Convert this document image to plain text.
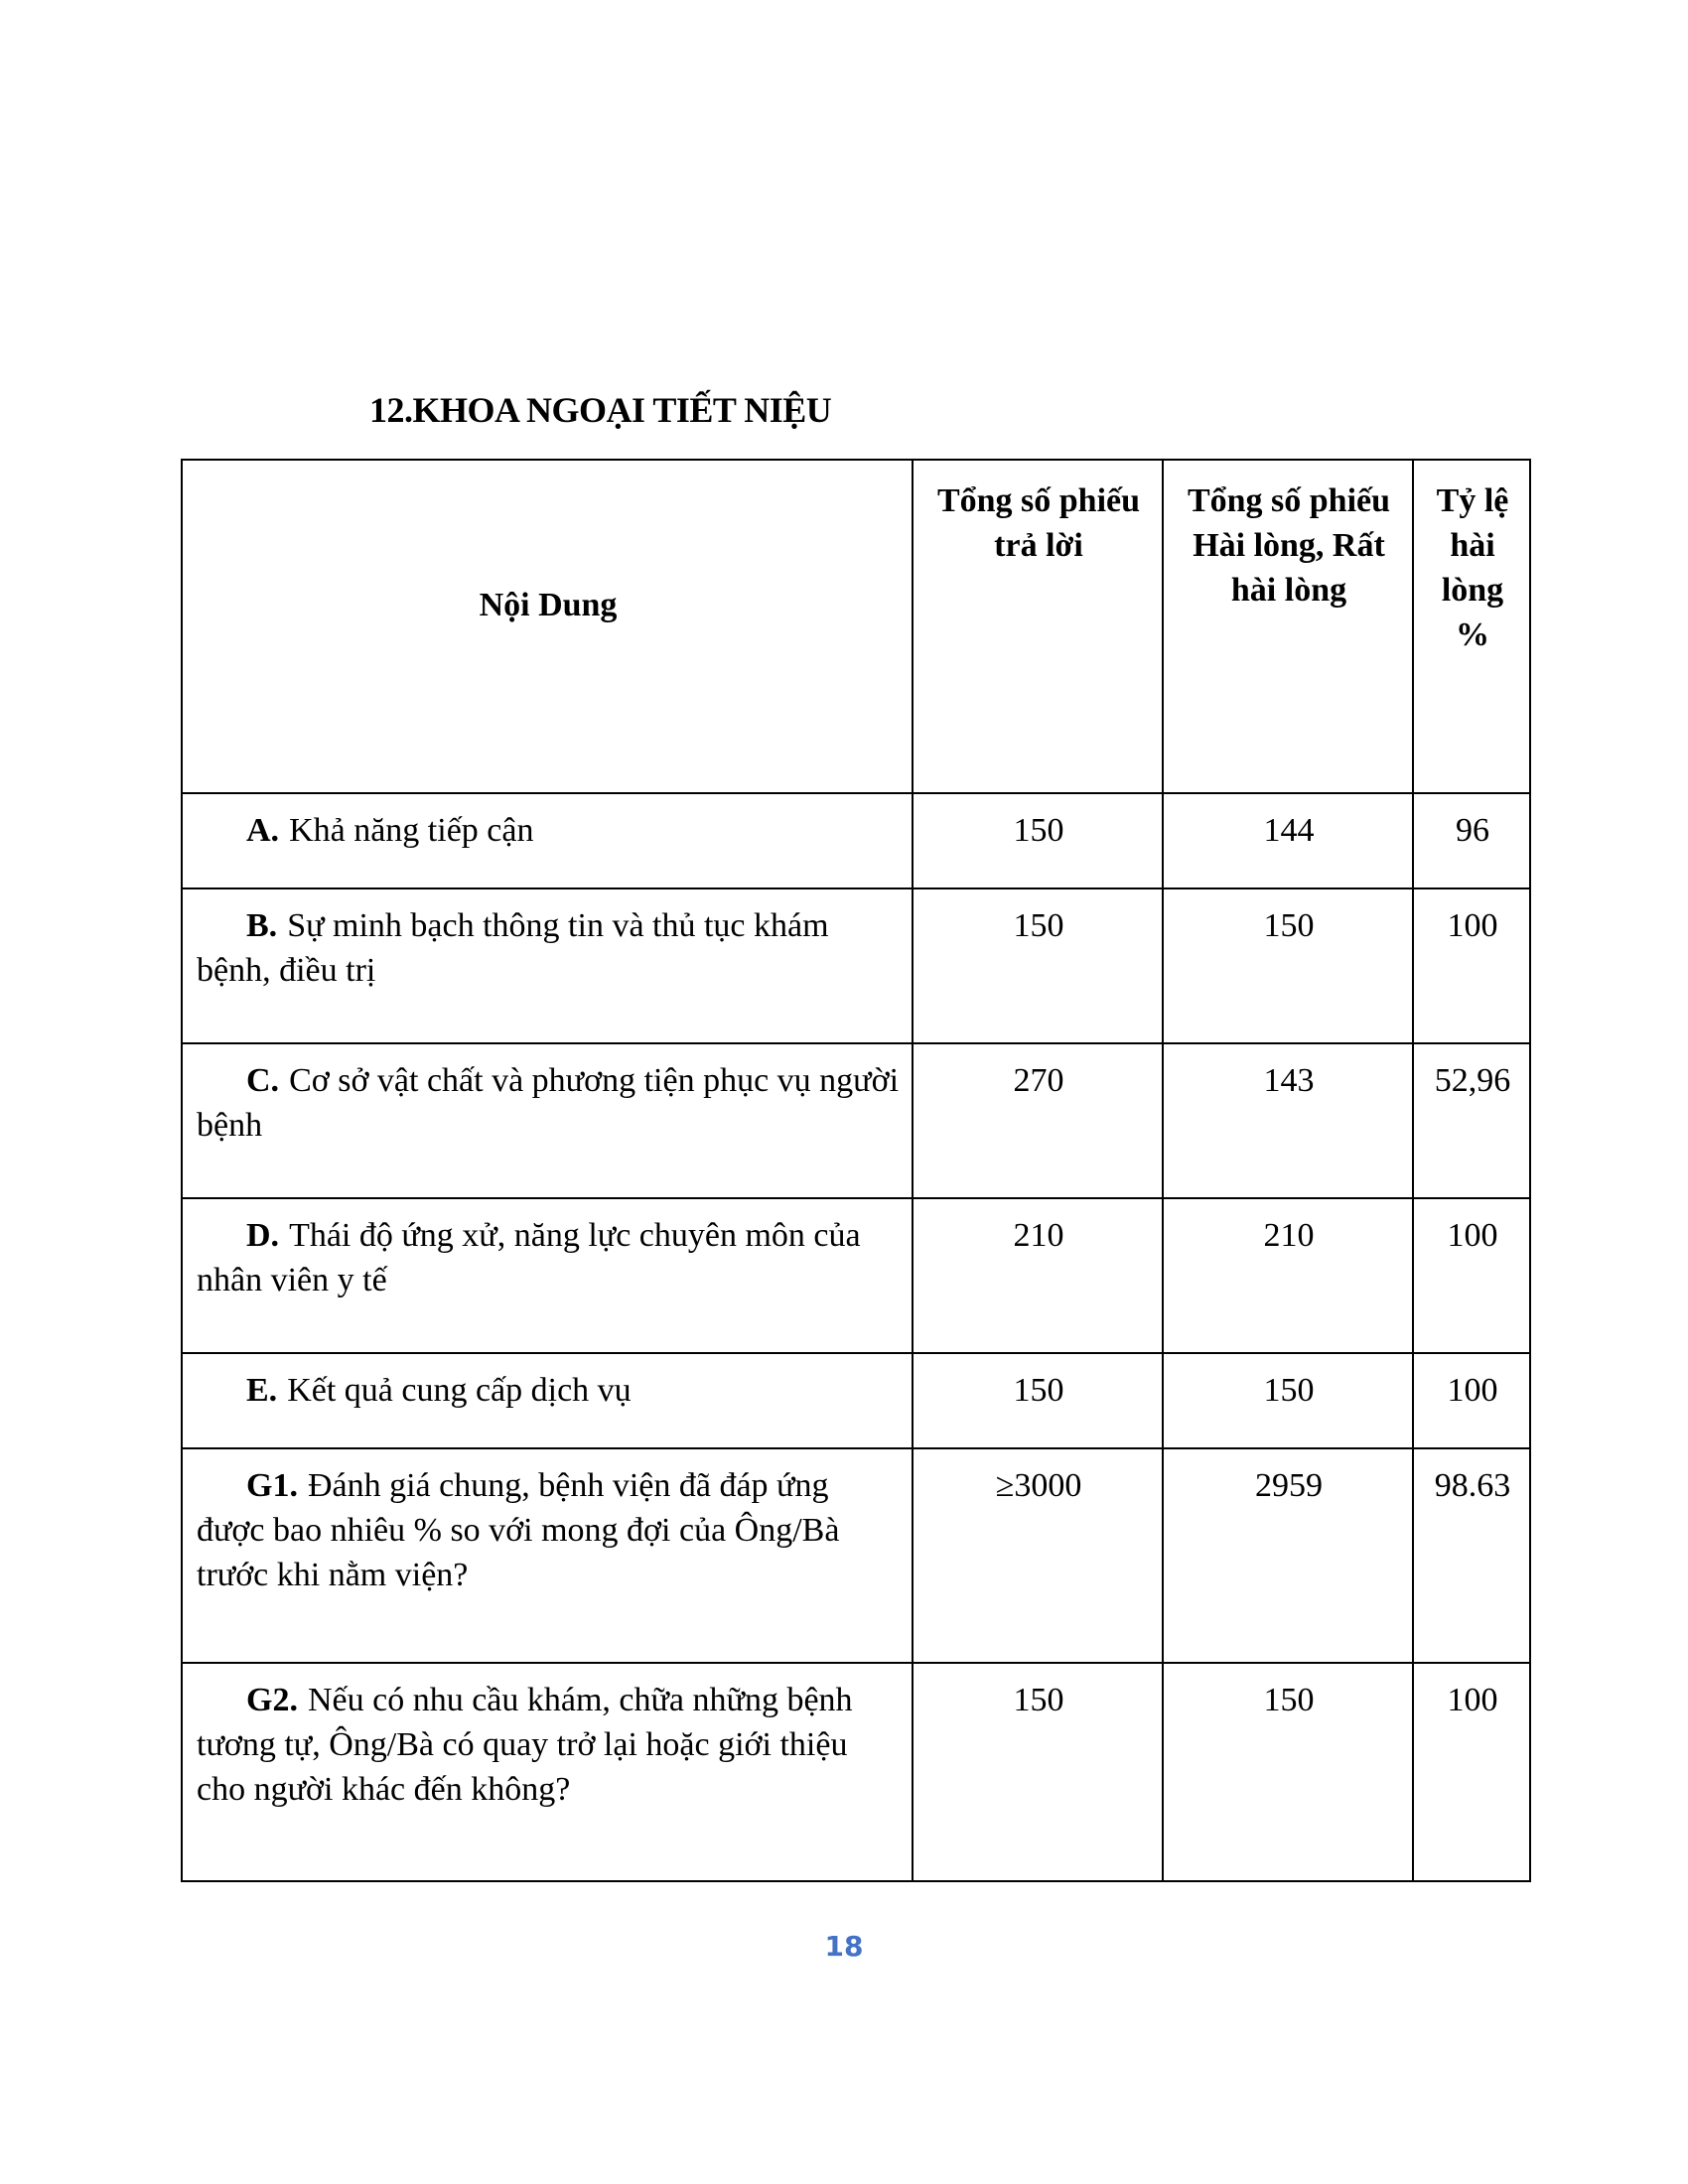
12.KHOA NGOẠI TIẾT NIỆU
Nội Dung	Tổng số phiếu trả lời	Tổng số phiếu Hài lòng, Rất hài lòng	Tỷ lệ hài lòng %
A. Khả năng tiếp cận	150	144	96
B. Sự minh bạch thông tin và thủ tục khám bệnh, điều trị	150	150	100
C. Cơ sở vật chất và phương tiện phục vụ người bệnh	270	143	52,96
D. Thái độ ứng xử, năng lực chuyên môn của nhân viên y tế	210	210	100
E. Kết quả cung cấp dịch vụ	150	150	100
G1. Đánh giá chung, bệnh viện đã đáp ứng được bao nhiêu % so với mong đợi của Ông/Bà trước khi nằm viện?	≥3000	2959	98.63
G2. Nếu có nhu cầu khám, chữa những bệnh tương tự, Ông/Bà có quay trở lại hoặc giới thiệu cho người khác đến không?	150	150	100
18
